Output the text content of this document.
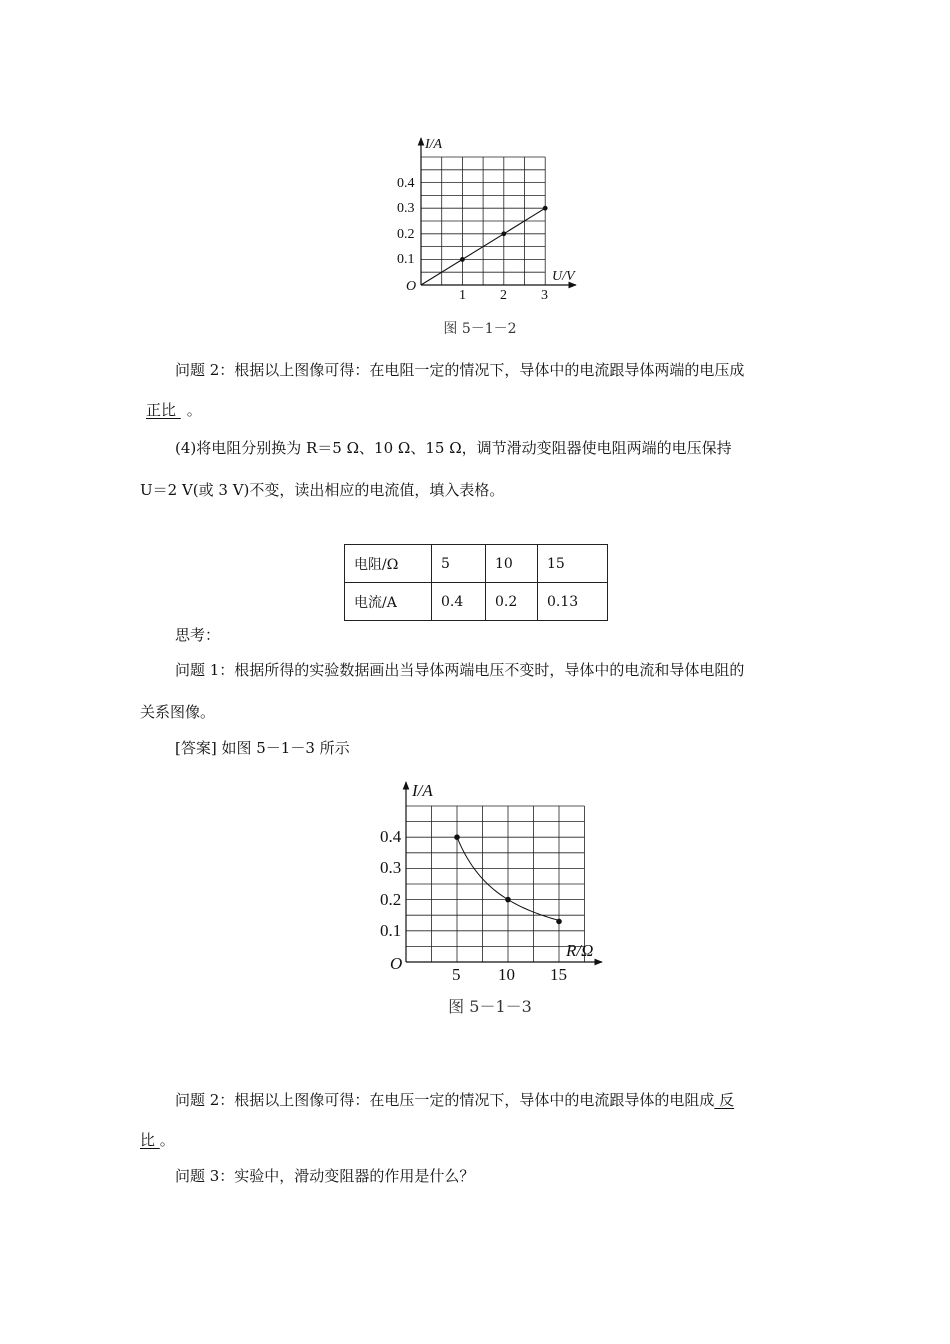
I/A
U/V
O
0.1
0.2
0.3
0.4
1 2 3
图 5－1－2
问题 2：根据以上图像可得：在电阻一定的情况下，导体中的电流跟导体两端的电压成
正比 。
(4)将电阻分别换为 R＝5 Ω、10 Ω、15 Ω，调节滑动变阻器使电阻两端的电压保持
U＝2 V(或 3 V)不变，读出相应的电流值，填入表格。
电阻/Ω	5	10	15
电流/A	0.4	0.2	0.13
思考：
问题 1：根据所得的实验数据画出当导体两端电压不变时，导体中的电流和导体电阻的
关系图像。
[答案] 如图 5－1－3 所示
I/A
R/Ω
O
0.1
0.2
0.3
0.4
5 10 15
图 5－1－3
问题 2：根据以上图像可得：在电压一定的情况下，导体中的电流跟导体的电阻成 反
比 。
问题 3：实验中，滑动变阻器的作用是什么？
